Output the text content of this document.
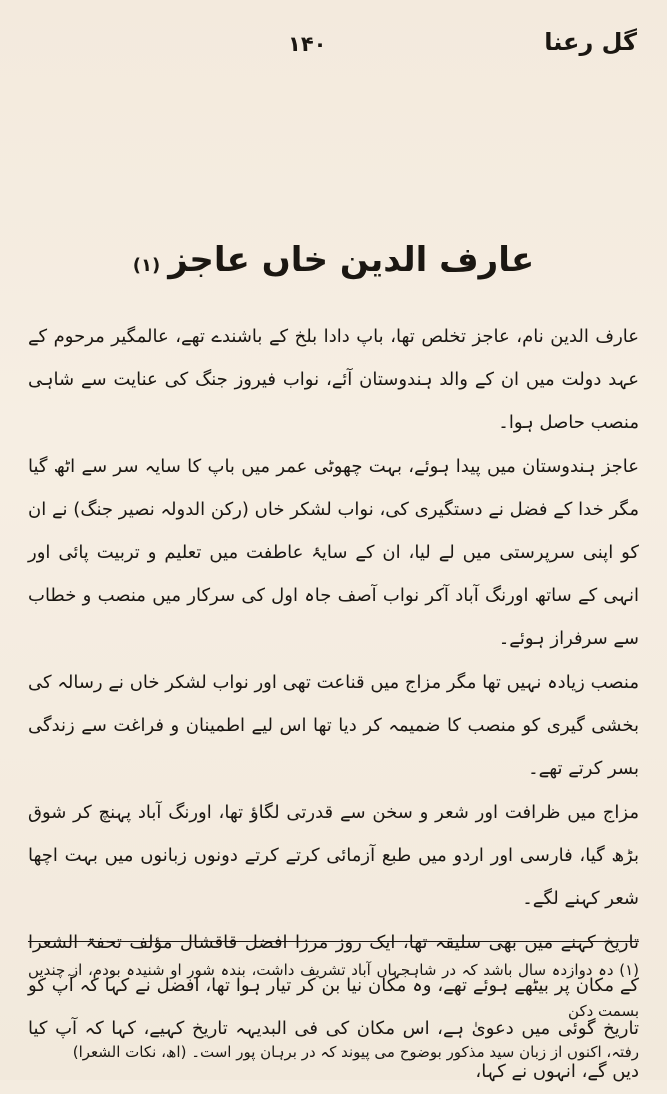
۱۴۰	گل رعنا
عارف الدین خاں عاجز(۱)

عارف الدین نام، عاجز تخلص تھا، باپ دادا بلخ کے باشندے تھے، عالمگیر مرحوم کے عہد دولت میں ان کے والد ہندوستان آئے، نواب فیروز جنگ کی عنایت سے شاہی منصب حاصل ہوا۔

عاجز ہندوستان میں پیدا ہوئے، بہت چھوٹی عمر میں باپ کا سایہ سر سے اٹھ گیا مگر خدا کے فضل نے دستگیری کی، نواب لشکر خاں (رکن الدولہ نصیر جنگ) نے ان کو اپنی سرپرستی میں لے لیا، ان کے سایۂ عاطفت میں تعلیم و تربیت پائی اور انہی کے ساتھ اورنگ آباد آکر نواب آصف جاہ اول کی سرکار میں منصب و خطاب سے سرفراز ہوئے۔

منصب زیادہ نہیں تھا مگر مزاج میں قناعت تھی اور نواب لشکر خاں نے رسالہ کی بخشی گیری کو منصب کا ضمیمہ کر دیا تھا اس لیے اطمینان و فراغت سے زندگی بسر کرتے تھے۔

مزاج میں ظرافت اور شعر و سخن سے قدرتی لگاؤ تھا، اورنگ آباد پہنچ کر شوق بڑھ گیا، فارسی اور اردو میں طبع آزمائی کرتے کرتے دونوں زبانوں میں بہت اچھا شعر کہنے لگے۔

تاریخ کہنے میں بھی سلیقہ تھا، ایک روز مرزا افضل قاقشال مؤلف تحفۃ الشعرا کے مکان پر بیٹھے ہوئے تھے، وہ مکان نیا بن کر تیار ہوا تھا، افضل نے کہا کہ آپ کو تاریخ گوئی میں دعویٰ ہے، اس مکان کی فی البدیہہ تاریخ کہیے، کہا کہ آپ کیا دیں گے، انہوں نے کہا،

(۱) دہ دوازدہ سال باشد کہ در شاہجہاں آباد تشریف داشت، بندہ شور او شنیدہ بودم، از چندیں بسمت دکن

رفتہ، اکنوں از زبان سید مذکور بوضوح می پیوند کہ در برہان پور است۔ (اھ، نکات الشعرا)
